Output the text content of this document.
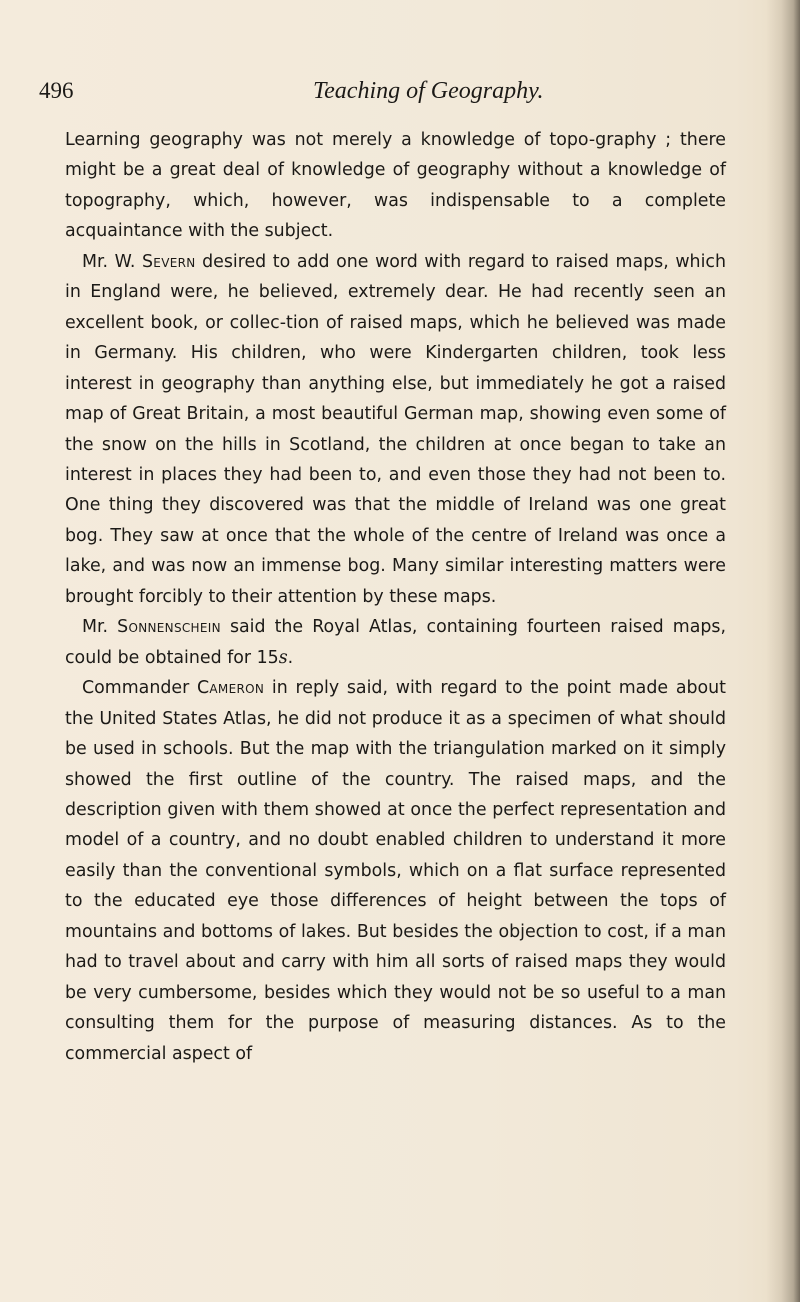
496	Teaching of Geography.

Learning geography was not merely a knowledge of topo-graphy ; there might be a great deal of knowledge of geography without a knowledge of topography, which, however, was indispensable to a complete acquaintance with the subject.

Mr. W. Severn desired to add one word with regard to raised maps, which in England were, he believed, extremely dear. He had recently seen an excellent book, or collec-tion of raised maps, which he believed was made in Germany. His children, who were Kindergarten children, took less interest in geography than anything else, but immediately he got a raised map of Great Britain, a most beautiful German map, showing even some of the snow on the hills in Scotland, the children at once began to take an interest in places they had been to, and even those they had not been to. One thing they discovered was that the middle of Ireland was one great bog. They saw at once that the whole of the centre of Ireland was once a lake, and was now an immense bog. Many similar interesting matters were brought forcibly to their attention by these maps.

Mr. Sonnenschein said the Royal Atlas, containing fourteen raised maps, could be obtained for 15s.

Commander Cameron in reply said, with regard to the point made about the United States Atlas, he did not produce it as a specimen of what should be used in schools. But the map with the triangulation marked on it simply showed the first outline of the country. The raised maps, and the description given with them showed at once the perfect representation and model of a country, and no doubt enabled children to understand it more easily than the conventional symbols, which on a flat surface represented to the educated eye those differences of height between the tops of mountains and bottoms of lakes. But besides the objection to cost, if a man had to travel about and carry with him all sorts of raised maps they would be very cumbersome, besides which they would not be so useful to a man consulting them for the purpose of measuring distances. As to the commercial aspect of
